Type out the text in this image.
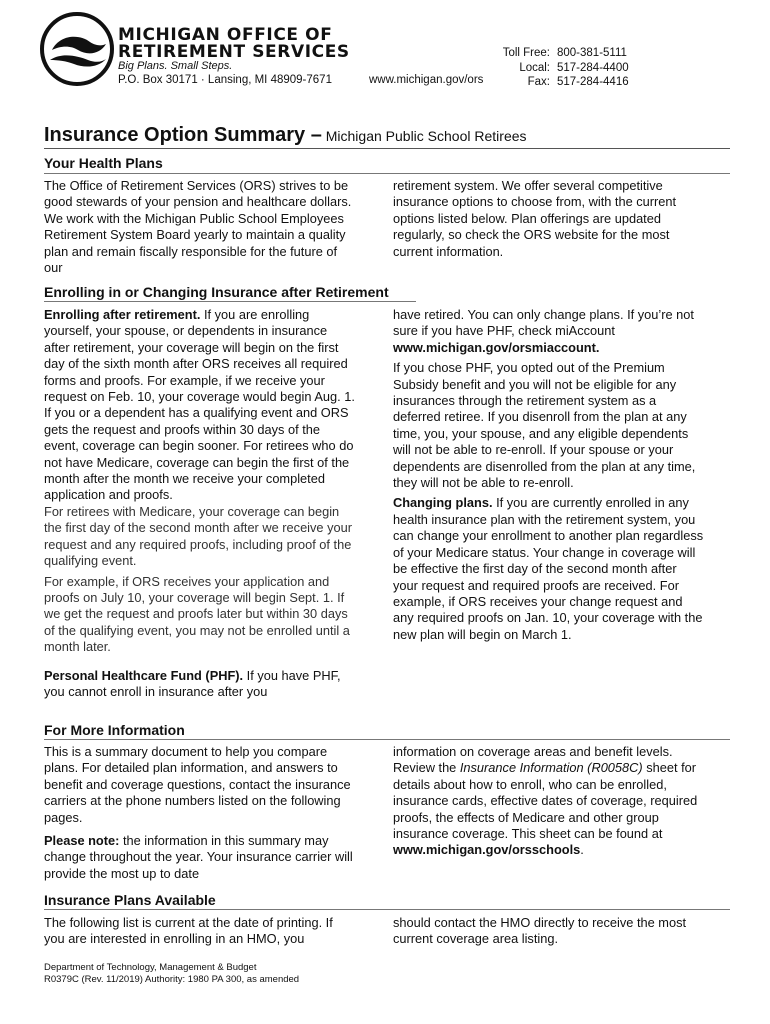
MICHIGAN OFFICE OF
RETIREMENT SERVICES
Big Plans. Small Steps.
P.O. Box 30171 · Lansing, MI 48909-7671	www.michigan.gov/ors
Toll Free: 800-381-5111
Local: 517-284-4400
Fax: 517-284-4416
Insurance Option Summary – Michigan Public School Retirees
Your Health Plans

The Office of Retirement Services (ORS) strives to be good stewards of your pension and healthcare dollars. We work with the Michigan Public School Employees Retirement System Board yearly to maintain a quality plan and remain fiscally responsible for the future of our

retirement system. We offer several competitive insurance options to choose from, with the current options listed below. Plan offerings are updated regularly, so check the ORS website for the most current information.

Enrolling in or Changing Insurance after Retirement

Enrolling after retirement. If you are enrolling yourself, your spouse, or dependents in insurance after retirement, your coverage will begin on the first day of the sixth month after ORS receives all required forms and proofs. For example, if we receive your request on Feb. 10, your coverage would begin Aug. 1.

If you or a dependent has a qualifying event and ORS gets the request and proofs within 30 days of the event, coverage can begin sooner. For retirees who do not have Medicare, coverage can begin the first of the month after the month we receive your completed application and proofs.

For retirees with Medicare, your coverage can begin the first day of the second month after we receive your request and any required proofs, including proof of the qualifying event.

For example, if ORS receives your application and proofs on July 10, your coverage will begin Sept. 1. If we get the request and proofs later but within 30 days of the qualifying event, you may not be enrolled until a month later.

Personal Healthcare Fund (PHF). If you have PHF, you cannot enroll in insurance after you

have retired. You can only change plans. If you’re not sure if you have PHF, check miAccount www.michigan.gov/orsmiaccount.

If you chose PHF, you opted out of the Premium Subsidy benefit and you will not be eligible for any insurances through the retirement system as a deferred retiree. If you disenroll from the plan at any time, you, your spouse, and any eligible dependents will not be able to re-enroll. If your spouse or your dependents are disenrolled from the plan at any time, they will not be able to re-enroll.

Changing plans. If you are currently enrolled in any health insurance plan with the retirement system, you can change your enrollment to another plan regardless of your Medicare status. Your change in coverage will be effective the first day of the second month after your request and required proofs are received. For example, if ORS receives your change request and any required proofs on Jan. 10, your coverage with the new plan will begin on March 1.

For More Information

This is a summary document to help you compare plans. For detailed plan information, and answers to benefit and coverage questions, contact the insurance carriers at the phone numbers listed on the following pages.

Please note: the information in this summary may change throughout the year. Your insurance carrier will provide the most up to date

information on coverage areas and benefit levels. Review the Insurance Information (R0058C) sheet for details about how to enroll, who can be enrolled, insurance cards, effective dates of coverage, required proofs, the effects of Medicare and other group insurance coverage. This sheet can be found at www.michigan.gov/orsschools.

Insurance Plans Available

The following list is current at the date of printing. If you are interested in enrolling in an HMO, you

should contact the HMO directly to receive the most current coverage area listing.

Department of Technology, Management & Budget
R0379C (Rev. 11/2019) Authority: 1980 PA 300, as amended
